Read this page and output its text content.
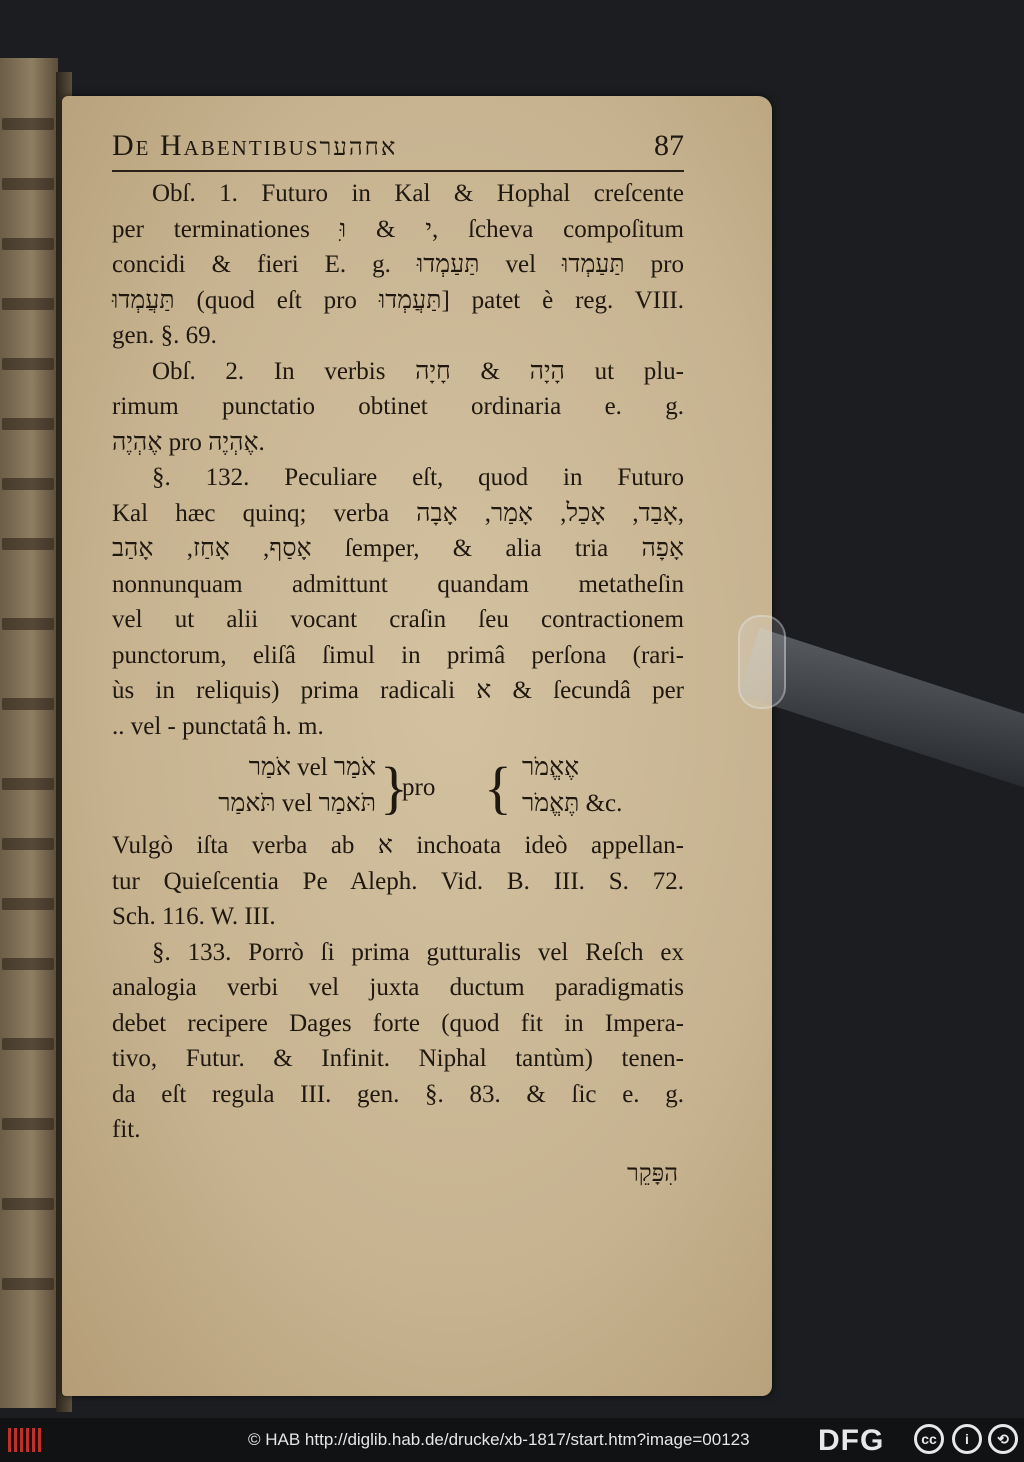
De Habentibusאחהער	87
Obſ. 1. Futuro in Kal & Hophal creſcente
per terminationes ִי & וּ, ſcheva compoſitum
concidi & fieri E. g. תַּעַמְדוּ vel תַּעַמְדוּ pro
תַּעֲמְדוּ (quod eſt pro תַּעֲמְדוּ] patet è reg. VIII.
gen. §. 69.
Obſ. 2. In verbis הָיָה & חָיָה ut plu-
rimum punctatio obtinet ordinaria e. g.
אֶהְיֶה pro אֶהְיֶה.
§. 132. Peculiare eſt, quod in Futuro
Kal hæc quinq; verba אָבַד, אָכַל, אָמַר, אָבָה,
אָסַף, אָחַז, אָהַב ſemper, & alia tria אָפָה
nonnunquam admittunt quandam metatheſin
vel ut alii vocant craſin ſeu contractionem
punctorum, eliſâ ſimul in primâ perſona (rari-
ùs in reliquis) prima radicali א & ſecundâ per
.. vel - punctatâ h. m.
אֹמַר vel אֹמַר
תֹּאמַר vel תֹּאמַר }
pro { אֶאֱמֹר
תֶּאֱמֹר &c.
Vulgò iſta verba ab א inchoata ideò appellan-
tur Quieſcentia Pe Aleph. Vid. B. III. S. 72.
Sch. 116. W. III.
§. 133. Porrò ſi prima gutturalis vel Reſch ex
analogia verbi vel juxta ductum paradigmatis
debet recipere Dages forte (quod fit in Impera-
tivo, Futur. & Infinit. Niphal tantùm) tenen-
da eſt regula III. gen. §. 83. & ſic e. g.
fit.
הִפָּקֵר
© HAB http://diglib.hab.de/drucke/xb-1817/start.htm?image=00123 DFG	cc	i	⟲
